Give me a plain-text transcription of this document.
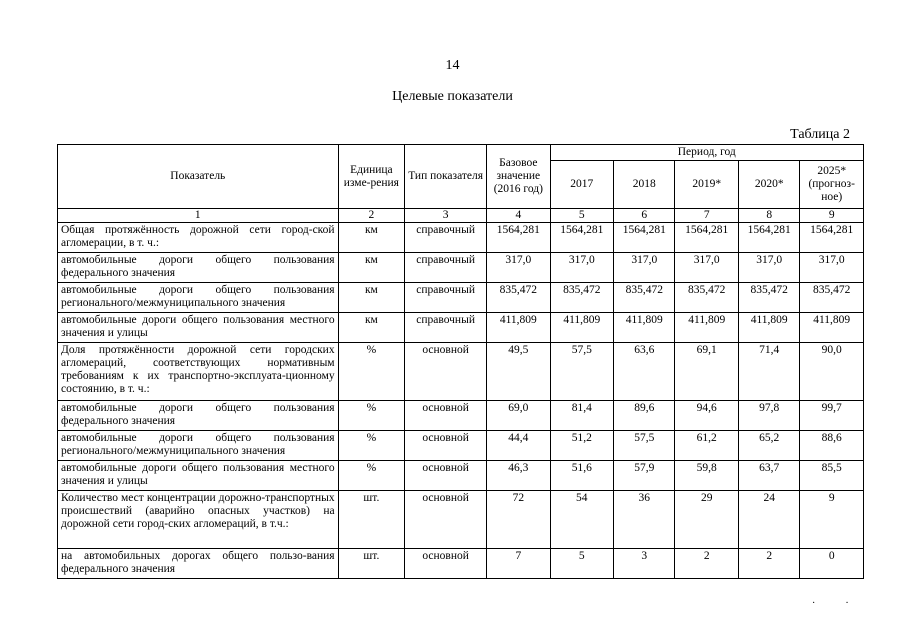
14
Целевые показатели
Таблица 2
Показатель	Единица изме-рения	Тип показателя	Базовое значение (2016 год)	Период, год				
				2017	2018	2019*	2020*	2025* (прогноз-ное)
1	2	3	4	5	6	7	8	9
Общая протяжённость дорожной сети город-ской агломерации, в т. ч.:	км	справочный	1564,281	1564,281	1564,281	1564,281	1564,281	1564,281
автомобильные дороги общего пользования федерального значения	км	справочный	317,0	317,0	317,0	317,0	317,0	317,0
автомобильные дороги общего пользования регионального/межмуниципального значения	км	справочный	835,472	835,472	835,472	835,472	835,472	835,472
автомобильные дороги общего пользования местного значения и улицы	км	справочный	411,809	411,809	411,809	411,809	411,809	411,809
Доля протяжённости дорожной сети городских агломераций, соответствующих нормативным требованиям к их транспортно-эксплуата-ционному состоянию, в т. ч.:	%	основной	49,5	57,5	63,6	69,1	71,4	90,0
автомобильные дороги общего пользования федерального значения	%	основной	69,0	81,4	89,6	94,6	97,8	99,7
автомобильные дороги общего пользования регионального/межмуниципального значения	%	основной	44,4	51,2	57,5	61,2	65,2	88,6
автомобильные дороги общего пользования местного значения и улицы	%	основной	46,3	51,6	57,9	59,8	63,7	85,5
Количество мест концентрации дорожно-транспортных происшествий (аварийно опасных участков) на дорожной сети город-ских агломераций, в т.ч.:	шт.	основной	72	54	36	29	24	9
на автомобильных дорогах общего пользо-вания федерального значения	шт.	основной	7	5	3	2	2	0
··
